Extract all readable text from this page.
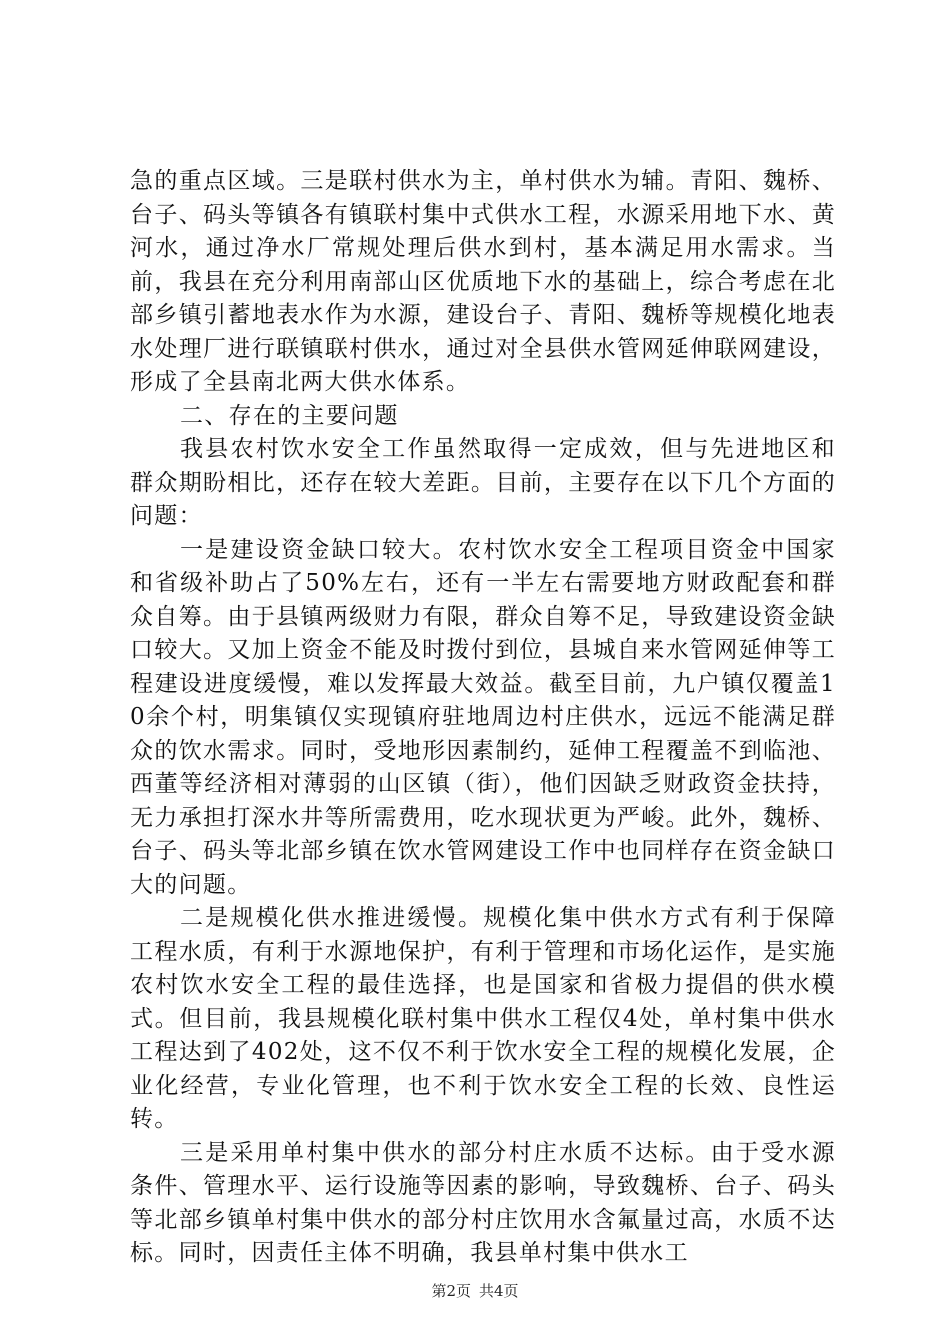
急的重点区域。三是联村供水为主，单村供水为辅。青阳、魏桥、台子、码头等镇各有镇联村集中式供水工程，水源采用地下水、黄河水，通过净水厂常规处理后供水到村，基本满足用水需求。当前，我县在充分利用南部山区优质地下水的基础上，综合考虑在北部乡镇引蓄地表水作为水源，建设台子、青阳、魏桥等规模化地表水处理厂进行联镇联村供水，通过对全县供水管网延伸联网建设，形成了全县南北两大供水体系。

二、存在的主要问题

我县农村饮水安全工作虽然取得一定成效，但与先进地区和群众期盼相比，还存在较大差距。目前，主要存在以下几个方面的问题：

一是建设资金缺口较大。农村饮水安全工程项目资金中国家和省级补助占了50%左右，还有一半左右需要地方财政配套和群众自筹。由于县镇两级财力有限，群众自筹不足，导致建设资金缺口较大。又加上资金不能及时拨付到位，县城自来水管网延伸等工程建设进度缓慢，难以发挥最大效益。截至目前，九户镇仅覆盖10余个村，明集镇仅实现镇府驻地周边村庄供水，远远不能满足群众的饮水需求。同时，受地形因素制约，延伸工程覆盖不到临池、西董等经济相对薄弱的山区镇（街），他们因缺乏财政资金扶持，无力承担打深水井等所需费用，吃水现状更为严峻。此外，魏桥、台子、码头等北部乡镇在饮水管网建设工作中也同样存在资金缺口大的问题。

二是规模化供水推进缓慢。规模化集中供水方式有利于保障工程水质，有利于水源地保护，有利于管理和市场化运作，是实施农村饮水安全工程的最佳选择，也是国家和省极力提倡的供水模式。但目前，我县规模化联村集中供水工程仅4处，单村集中供水工程达到了402处，这不仅不利于饮水安全工程的规模化发展，企业化经营，专业化管理，也不利于饮水安全工程的长效、良性运转。

三是采用单村集中供水的部分村庄水质不达标。由于受水源条件、管理水平、运行设施等因素的影响，导致魏桥、台子、码头等北部乡镇单村集中供水的部分村庄饮用水含氟量过高，水质不达标。同时，因责任主体不明确，我县单村集中供水工

第2页 共4页
